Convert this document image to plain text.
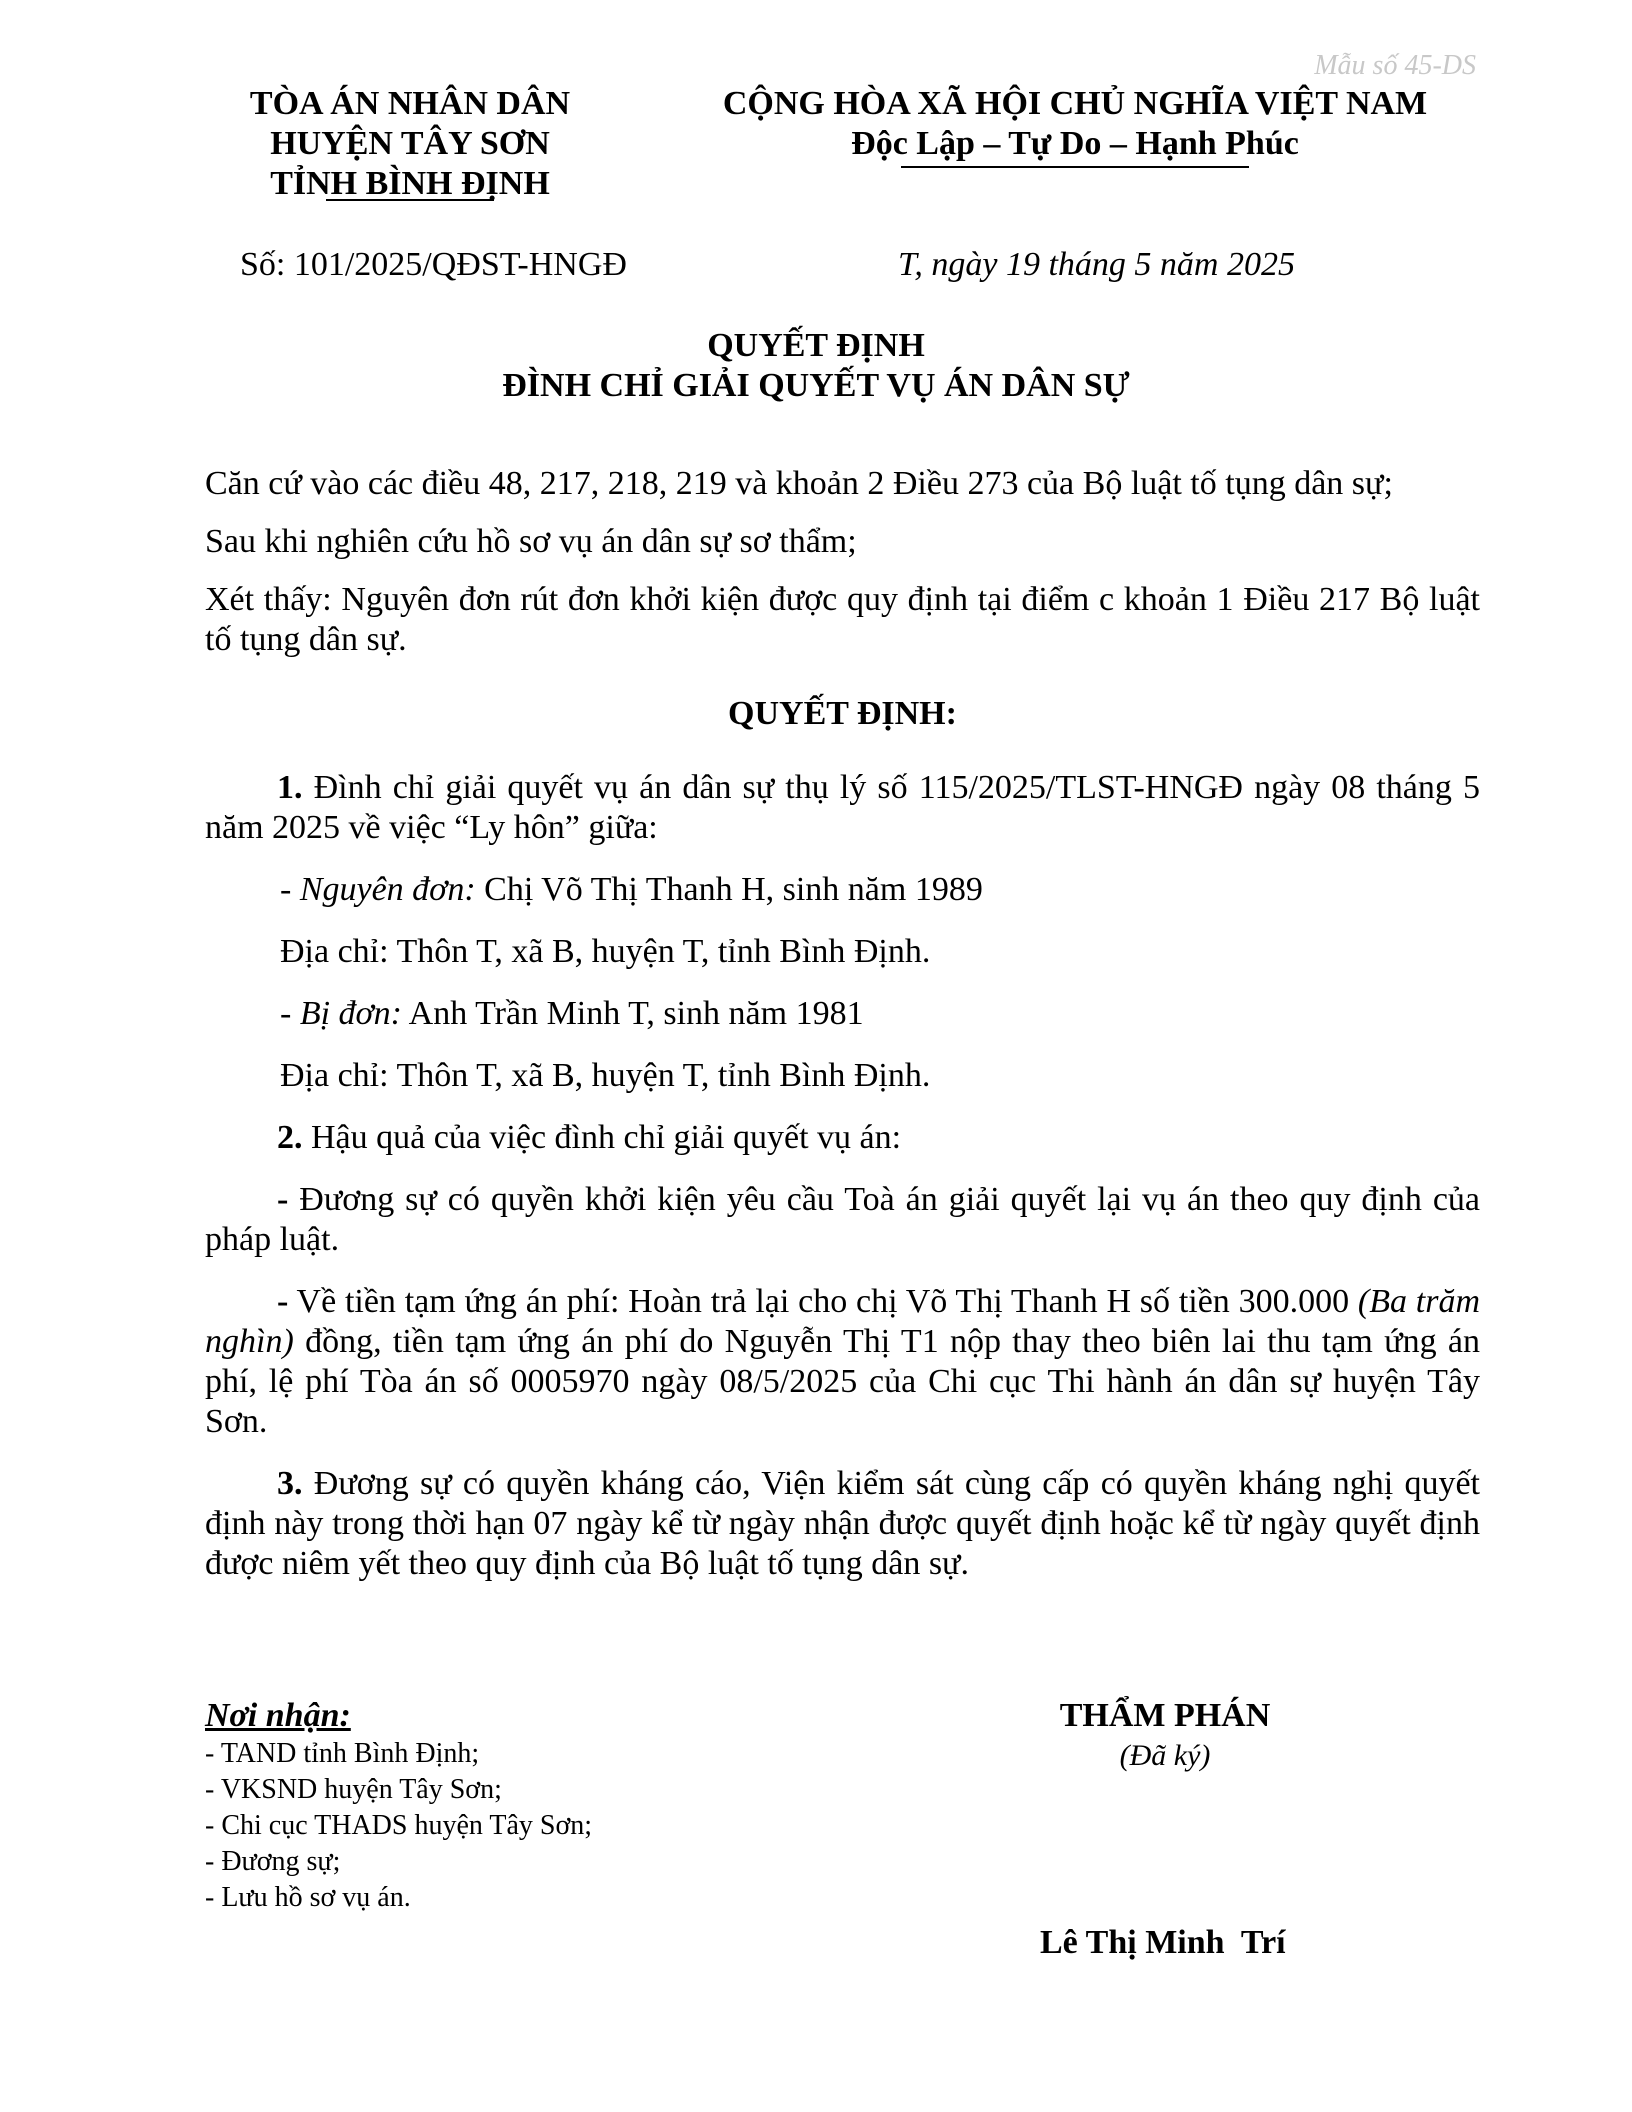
Mẫu số 45-DS
TÒA ÁN NHÂN DÂN
HUYỆN TÂY SƠN
TỈNH BÌNH ĐỊNH
CỘNG HÒA XÃ HỘI CHỦ NGHĨA VIỆT NAM
Độc Lập – Tự Do – Hạnh Phúc
Số: 101/2025/QĐST-HNGĐ	T, ngày 19 tháng 5 năm 2025
QUYẾT ĐỊNH
ĐÌNH CHỈ GIẢI QUYẾT VỤ ÁN DÂN SỰ

Căn cứ vào các điều 48, 217, 218, 219 và khoản 2 Điều 273 của Bộ luật tố tụng dân sự;

Sau khi nghiên cứu hồ sơ vụ án dân sự sơ thẩm;

Xét thấy: Nguyên đơn rút đơn khởi kiện được quy định tại điểm c khoản 1 Điều 217 Bộ luật tố tụng dân sự.

QUYẾT ĐỊNH:

1. Đình chỉ giải quyết vụ án dân sự thụ lý số 115/2025/TLST-HNGĐ ngày 08 tháng 5 năm 2025 về việc “Ly hôn” giữa:

- Nguyên đơn: Chị Võ Thị Thanh H, sinh năm 1989

Địa chỉ: Thôn T, xã B, huyện T, tỉnh Bình Định.

- Bị đơn: Anh Trần Minh T, sinh năm 1981

Địa chỉ: Thôn T, xã B, huyện T, tỉnh Bình Định.

2. Hậu quả của việc đình chỉ giải quyết vụ án:

- Đương sự có quyền khởi kiện yêu cầu Toà án giải quyết lại vụ án theo quy định của pháp luật.

- Về tiền tạm ứng án phí: Hoàn trả lại cho chị Võ Thị Thanh H số tiền 300.000 (Ba trăm nghìn) đồng, tiền tạm ứng án phí do Nguyễn Thị T1 nộp thay theo biên lai thu tạm ứng án phí, lệ phí Tòa án số 0005970 ngày 08/5/2025 của Chi cục Thi hành án dân sự huyện Tây Sơn.

3. Đương sự có quyền kháng cáo, Viện kiểm sát cùng cấp có quyền kháng nghị quyết định này trong thời hạn 07 ngày kể từ ngày nhận được quyết định hoặc kể từ ngày quyết định được niêm yết theo quy định của Bộ luật tố tụng dân sự.

Nơi nhận:
- TAND tỉnh Bình Định;
- VKSND huyện Tây Sơn;
- Chi cục THADS huyện Tây Sơn;
- Đương sự;
- Lưu hồ sơ vụ án.
THẨM PHÁN
(Đã ký)
Lê Thị Minh  Trí
